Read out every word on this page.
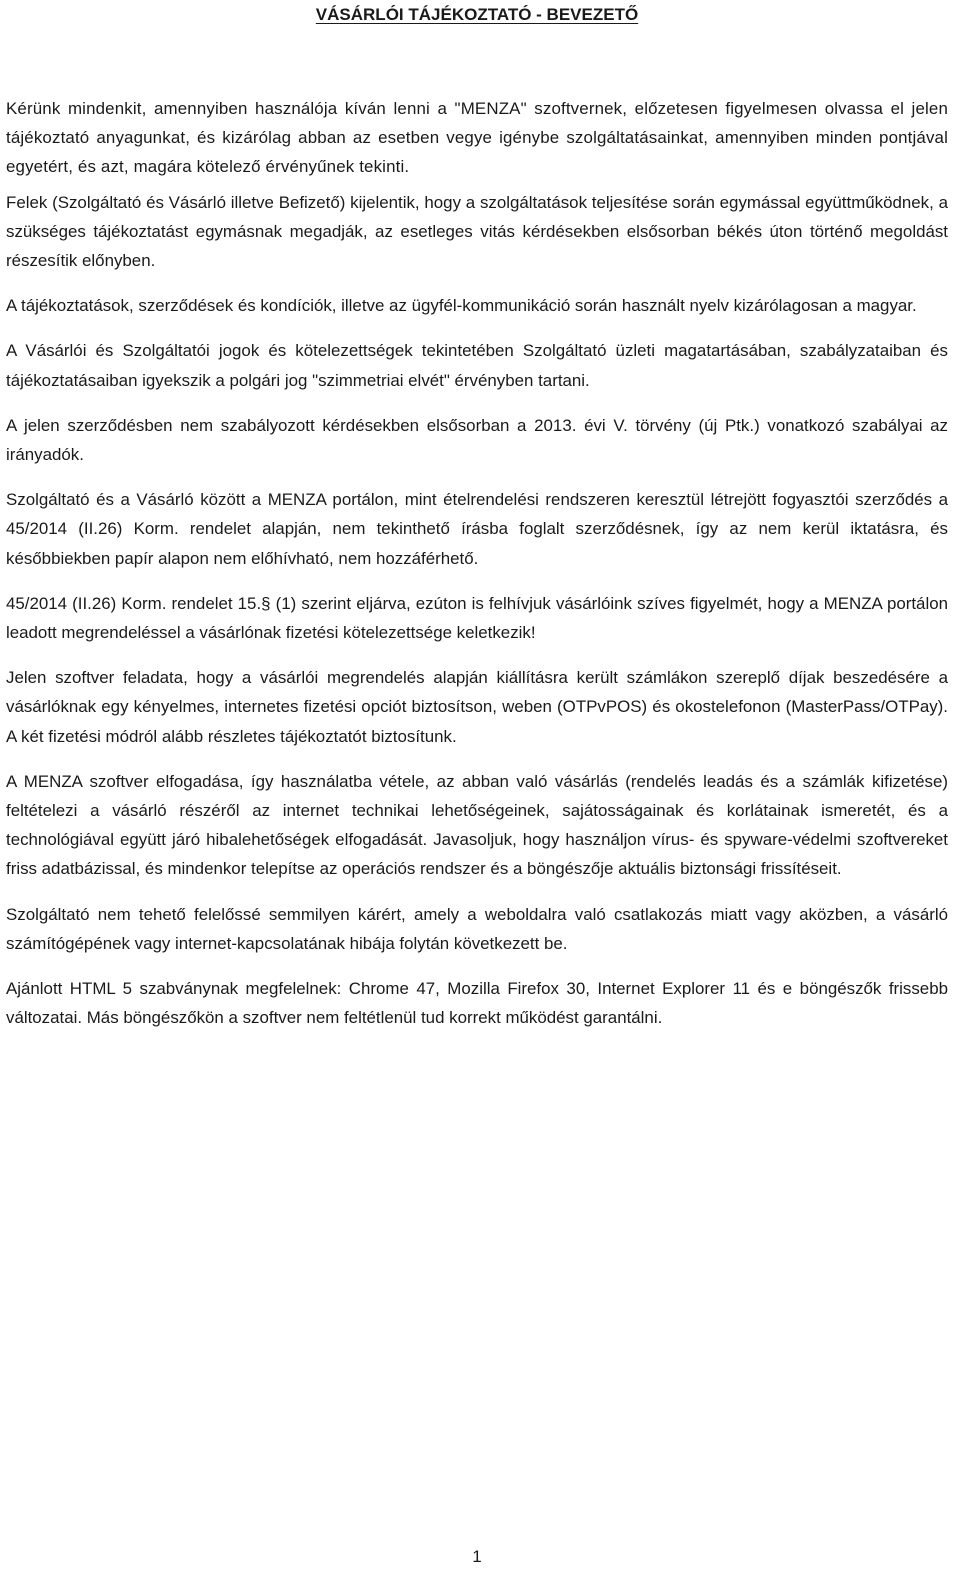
VÁSÁRLÓI TÁJÉKOZTATÓ - BEVEZETŐ

Kérünk mindenkit, amennyiben használója kíván lenni a "MENZA" szoftvernek, előzetesen figyelmesen olvassa el jelen tájékoztató anyagunkat, és kizárólag abban az esetben vegye igénybe szolgáltatásainkat, amennyiben minden pontjával egyetért, és azt, magára kötelező érvényűnek tekinti.

Felek (Szolgáltató és Vásárló illetve Befizető) kijelentik, hogy a szolgáltatások teljesítése során egymással együttműködnek, a szükséges tájékoztatást egymásnak megadják, az esetleges vitás kérdésekben elsősorban békés úton történő megoldást részesítik előnyben.

A tájékoztatások, szerződések és kondíciók, illetve az ügyfél-kommunikáció során használt nyelv kizárólagosan a magyar.

A Vásárlói és Szolgáltatói jogok és kötelezettségek tekintetében Szolgáltató üzleti magatartásában, szabályzataiban és tájékoztatásaiban igyekszik a polgári jog "szimmetriai elvét" érvényben tartani.

A jelen szerződésben nem szabályozott kérdésekben elsősorban a 2013. évi V. törvény (új Ptk.) vonatkozó szabályai az irányadók.

Szolgáltató és a Vásárló között a MENZA portálon, mint ételrendelési rendszeren keresztül létrejött fogyasztói szerződés a 45/2014 (II.26) Korm. rendelet alapján, nem tekinthető írásba foglalt szerződésnek, így az nem kerül iktatásra, és későbbiekben papír alapon nem előhívható, nem hozzáférhető.

45/2014 (II.26) Korm. rendelet 15.§ (1) szerint eljárva, ezúton is felhívjuk vásárlóink szíves figyelmét, hogy a MENZA portálon leadott megrendeléssel a vásárlónak fizetési kötelezettsége keletkezik!

Jelen szoftver feladata, hogy a vásárlói megrendelés alapján kiállításra került számlákon szereplő díjak beszedésére a vásárlóknak egy kényelmes, internetes fizetési opciót biztosítson, weben (OTPvPOS) és okostelefonon (MasterPass/OTPay). A két fizetési módról alább részletes tájékoztatót biztosítunk.

A MENZA szoftver elfogadása, így használatba vétele, az abban való vásárlás (rendelés leadás és a számlák kifizetése) feltételezi a vásárló részéről az internet technikai lehetőségeinek, sajátosságainak és korlátainak ismeretét, és a technológiával együtt járó hibalehetőségek elfogadását. Javasoljuk, hogy használjon vírus- és spyware-védelmi szoftvereket friss adatbázissal, és mindenkor telepítse az operációs rendszer és a böngészője aktuális biztonsági frissítéseit.

Szolgáltató nem tehető felelőssé semmilyen kárért, amely a weboldalra való csatlakozás miatt vagy aközben, a vásárló számítógépének vagy internet-kapcsolatának hibája folytán következett be.

Ajánlott HTML 5 szabványnak megfelelnek: Chrome 47, Mozilla Firefox 30, Internet Explorer 11 és e böngészők frissebb változatai. Más böngészőkön a szoftver nem feltétlenül tud korrekt működést garantálni.

1
